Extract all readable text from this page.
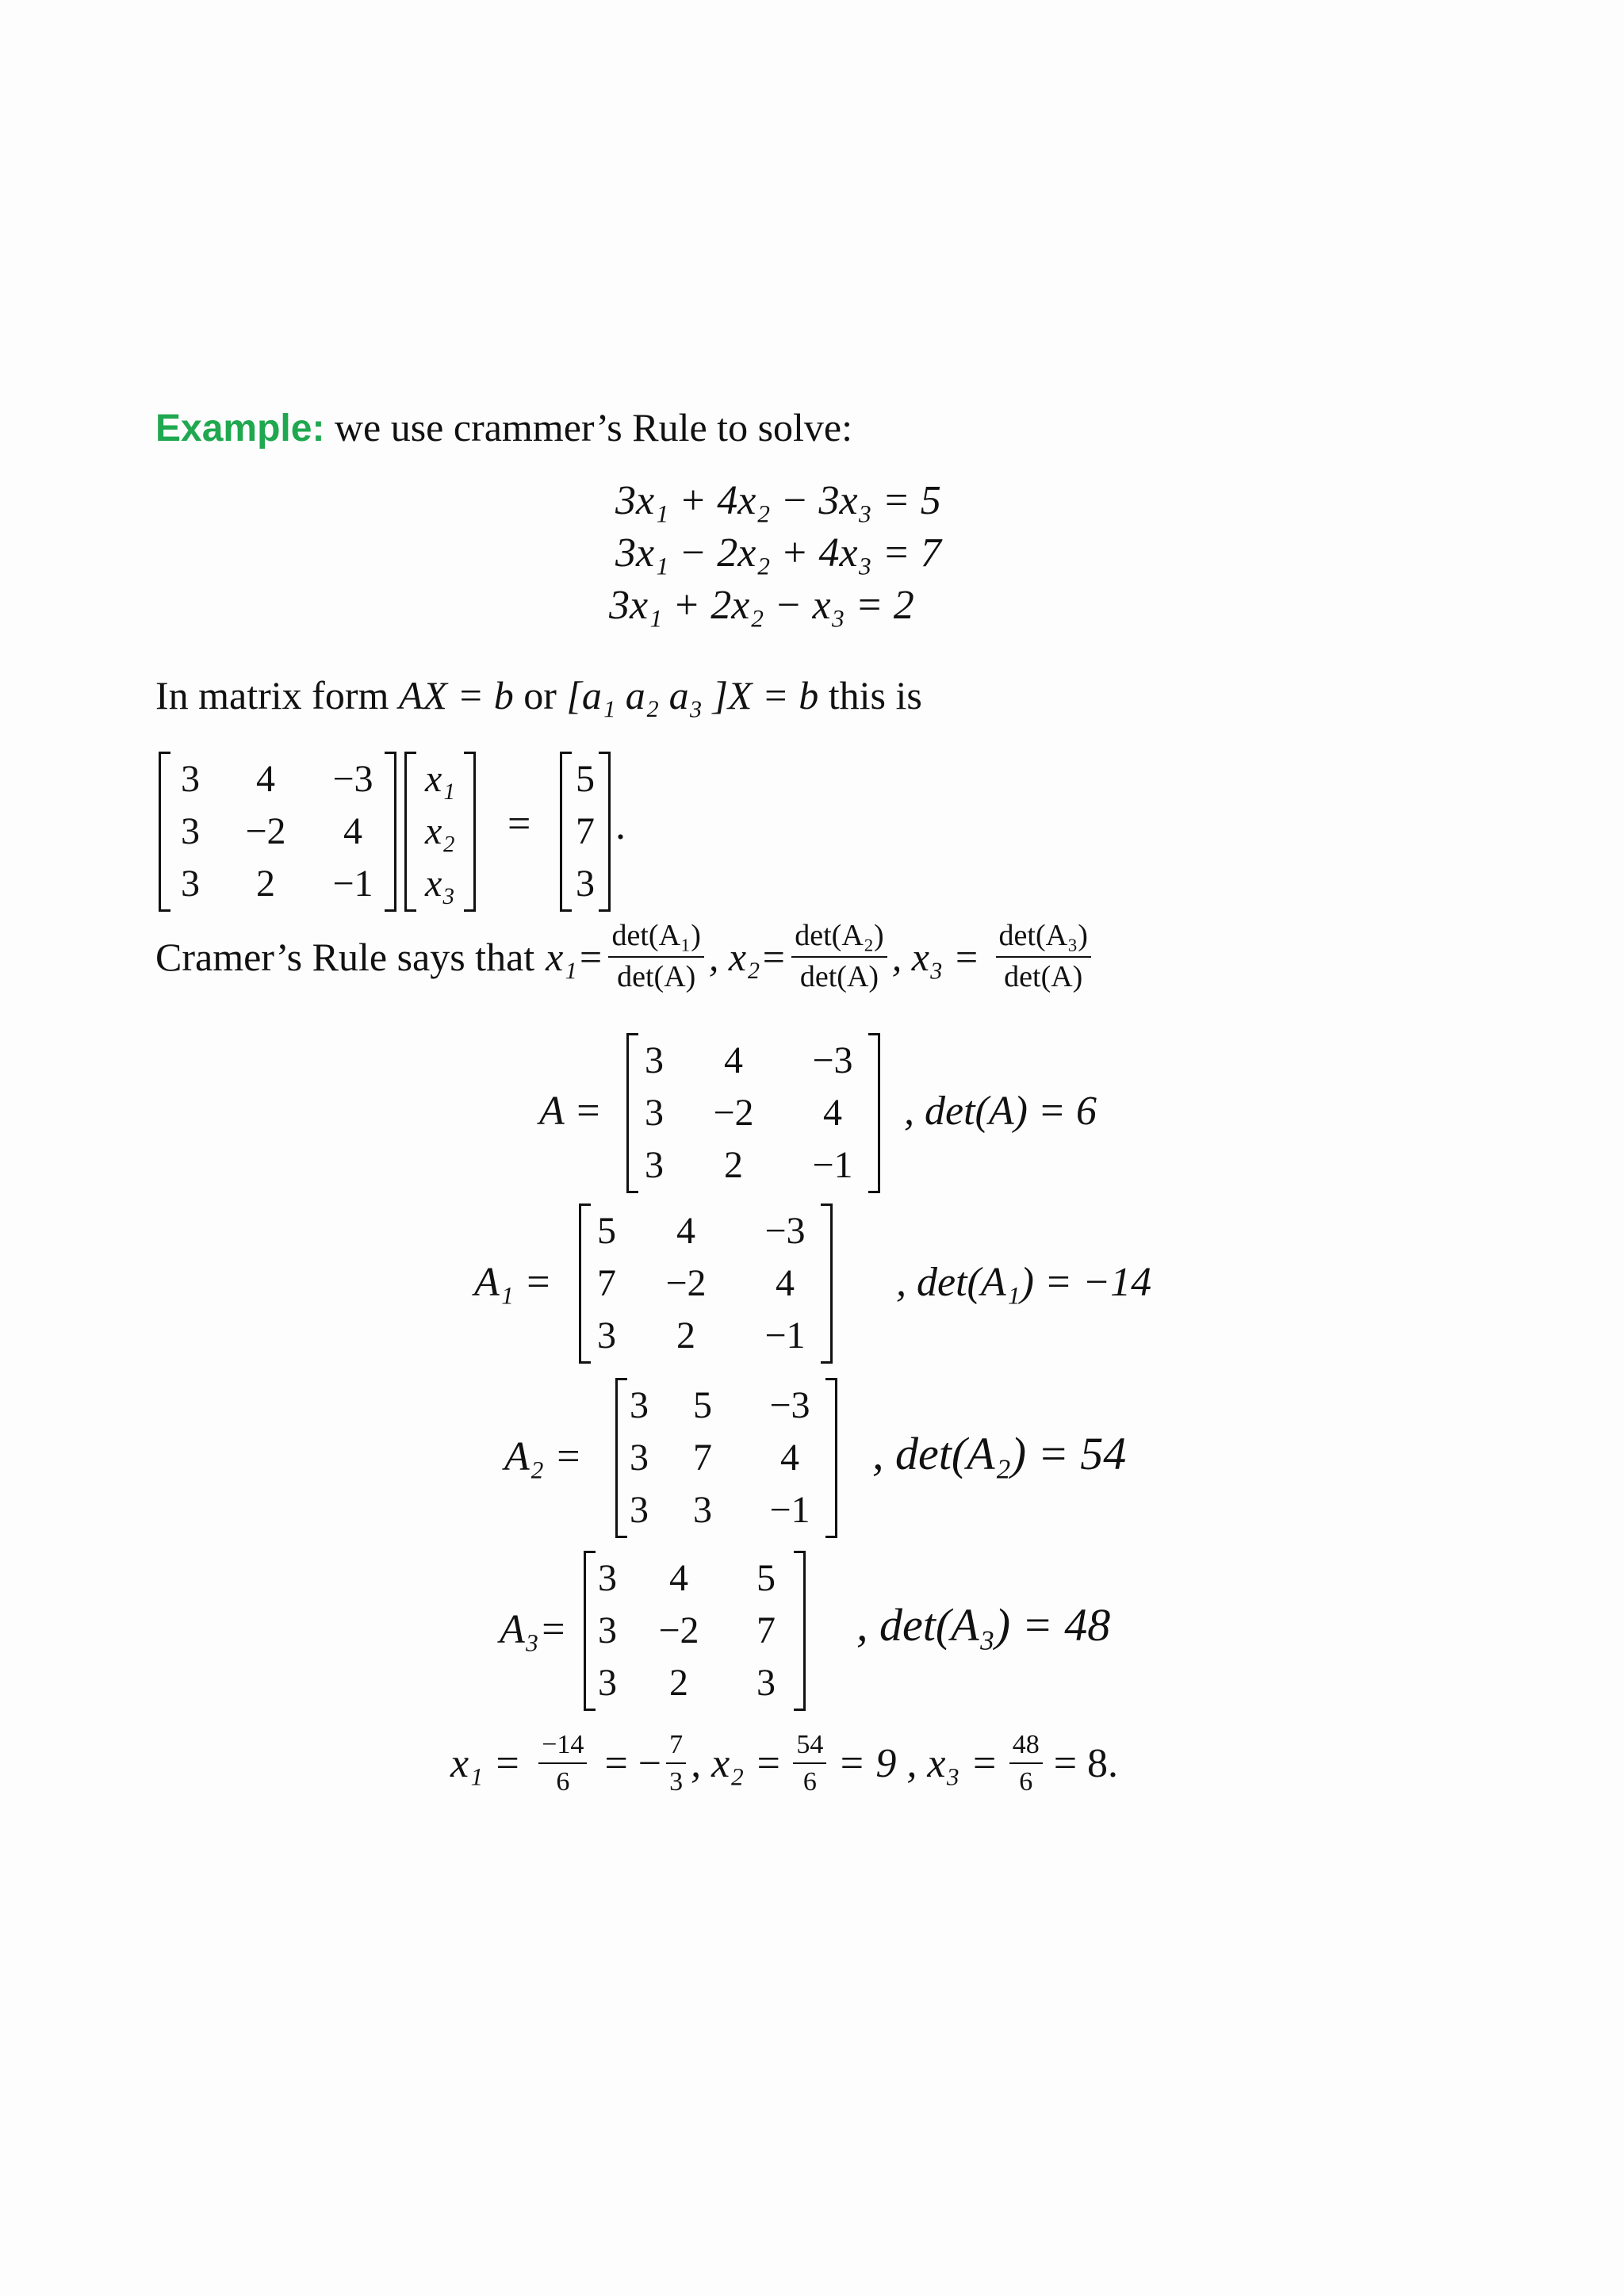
Example: we use crammer’s Rule to solve:
3x₁ + 4x₂ − 3x₃ = 5
3x₁ − 2x₂ + 4x₃ = 7
3x₁ + 2x₂ − x₃ = 2
In matrix form AX = b or [a₁ a₂ a₃ ]X = b this is
3	4	−3
3	−2	4
3	2	−1
x₁
x₂
x₃
=
5
7
3
.
Cramer’s Rule says that $x_1= \frac{\text{det(A₁)}}{\det(A)}$ , $x_2= \frac{\text{det(A₂)}}{\det(A)}$ , $x_3 = \frac{\text{det(A₃)}}{\det(A)}$
A =
3	4	−3
3	−2	4
3	2	−1
, det(A) = 6
A₁ =
5	4	−3
7	−2	4
3	2	−1
, det(A₁) = −14
A₂ =
3	5	−3
3	7	4
3	3	−1
, det(A₂) = 54
A₃=
3	4	5
3	−2	7
3	2	3
, det(A₃) = 48
$x_1 = \frac{-14}{6}$ = − $\frac{7}{3}$ , $x_2 = \frac{54}{6} = 9$ , $x_3 = \frac{48}{6} = 8$.
